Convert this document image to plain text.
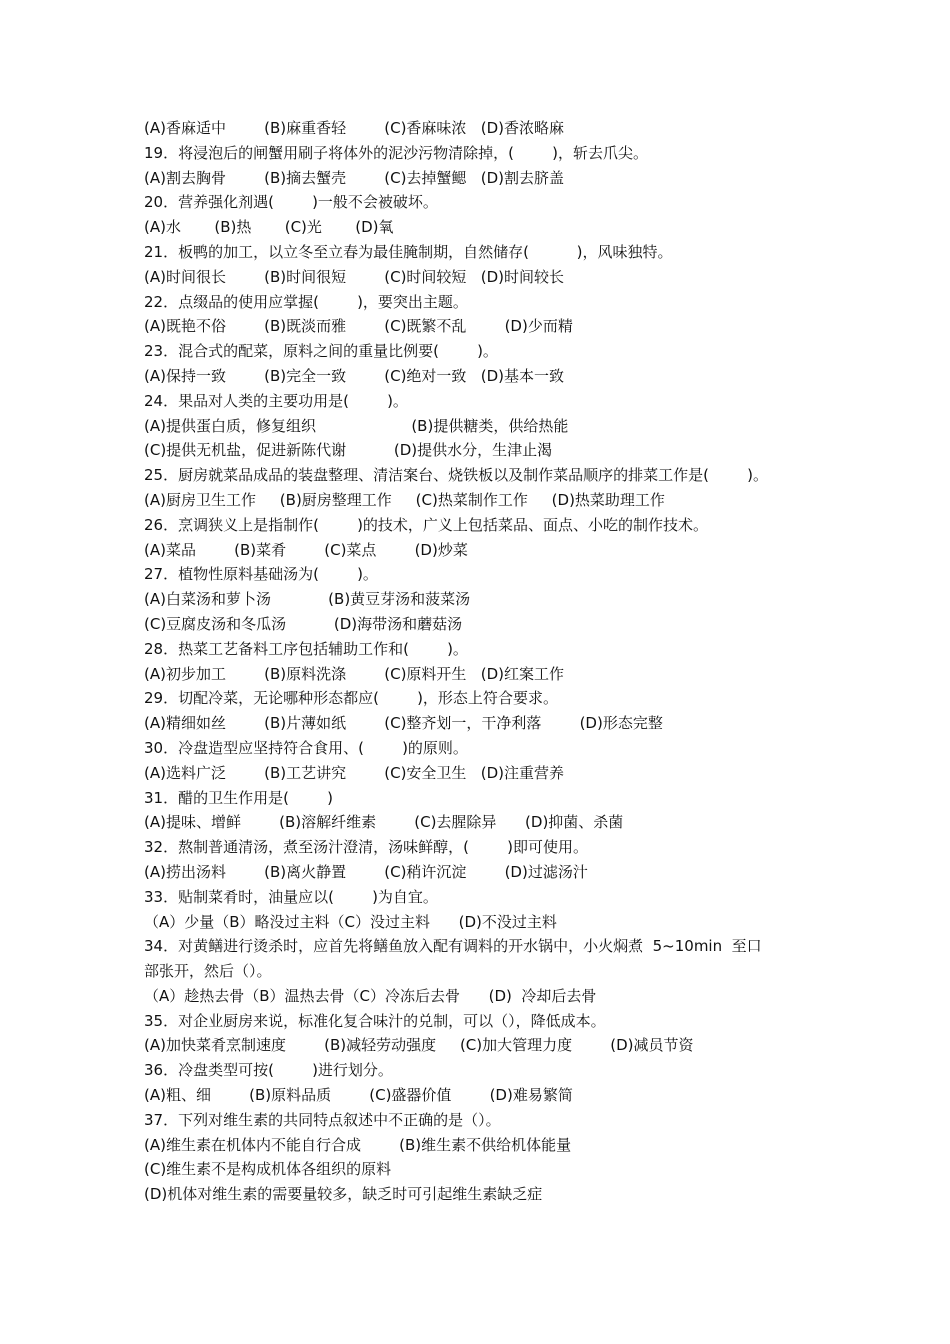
(A)香麻适中        (B)麻重香轻        (C)香麻味浓   (D)香浓略麻
19．将浸泡后的闸蟹用刷子将体外的泥沙污物清除掉，(        )，斩去爪尖。
(A)割去胸骨        (B)摘去蟹壳        (C)去掉蟹鳃   (D)割去脐盖
20．营养强化剂遇(        )一般不会被破坏。
(A)水       (B)热       (C)光       (D)氧
21．板鸭的加工，以立冬至立春为最佳腌制期，自然储存(          )，风味独特。
(A)时间很长        (B)时间很短        (C)时间较短   (D)时间较长
22．点缀品的使用应掌握(        )，要突出主题。
(A)既艳不俗        (B)既淡而雅        (C)既繁不乱        (D)少而精
23．混合式的配菜，原料之间的重量比例要(        )。
(A)保持一致        (B)完全一致        (C)绝对一致   (D)基本一致
24．果品对人类的主要功用是(        )。
(A)提供蛋白质，修复组织                    (B)提供糖类，供给热能
(C)提供无机盐，促进新陈代谢          (D)提供水分，生津止渴
25．厨房就菜品成品的装盘整理、清洁案台、烧铁板以及制作菜品顺序的排菜工作是(        )。
(A)厨房卫生工作     (B)厨房整理工作     (C)热菜制作工作     (D)热菜助理工作
26．烹调狭义上是指制作(        )的技术，广义上包括菜品、面点、小吃的制作技术。
(A)菜品        (B)菜肴        (C)菜点        (D)炒菜
27．植物性原料基础汤为(        )。
(A)白菜汤和萝卜汤            (B)黄豆芽汤和菠菜汤
(C)豆腐皮汤和冬瓜汤          (D)海带汤和蘑菇汤
28．热菜工艺备料工序包括辅助工作和(        )。
(A)初步加工        (B)原料洗涤        (C)原料开生   (D)红案工作
29．切配冷菜，无论哪种形态都应(        )，形态上符合要求。
(A)精细如丝        (B)片薄如纸        (C)整齐划一，干净利落        (D)形态完整
30．冷盘造型应坚持符合食用、(        )的原则。
(A)选料广泛        (B)工艺讲究        (C)安全卫生   (D)注重营养
31．醋的卫生作用是(        )
(A)提味、增鲜        (B)溶解纤维素        (C)去腥除异      (D)抑菌、杀菌
32．熬制普通清汤，煮至汤汁澄清，汤味鲜醇，(        )即可使用。
(A)捞出汤料        (B)离火静置        (C)稍许沉淀        (D)过滤汤汁
33．贴制菜肴时，油量应以(        )为自宜。
（A）少量（B）略没过主料（C）没过主料      (D)不没过主料
34．对黄鳝进行烫杀时，应首先将鳝鱼放入配有调料的开水锅中，小火焖煮  5~10min  至口
部张开，然后（）。
（A）趁热去骨（B）温热去骨（C）冷冻后去骨      (D)  冷却后去骨
35．对企业厨房来说，标准化复合味汁的兑制，可以（），降低成本。
(A)加快菜肴烹制速度        (B)减轻劳动强度     (C)加大管理力度        (D)减员节资
36．冷盘类型可按(        )进行划分。
(A)粗、细        (B)原料品质        (C)盛器价值        (D)难易繁简
37．下列对维生素的共同特点叙述中不正确的是（）。
(A)维生素在机体内不能自行合成        (B)维生素不供给机体能量
(C)维生素不是构成机体各组织的原料
(D)机体对维生素的需要量较多，缺乏时可引起维生素缺乏症
